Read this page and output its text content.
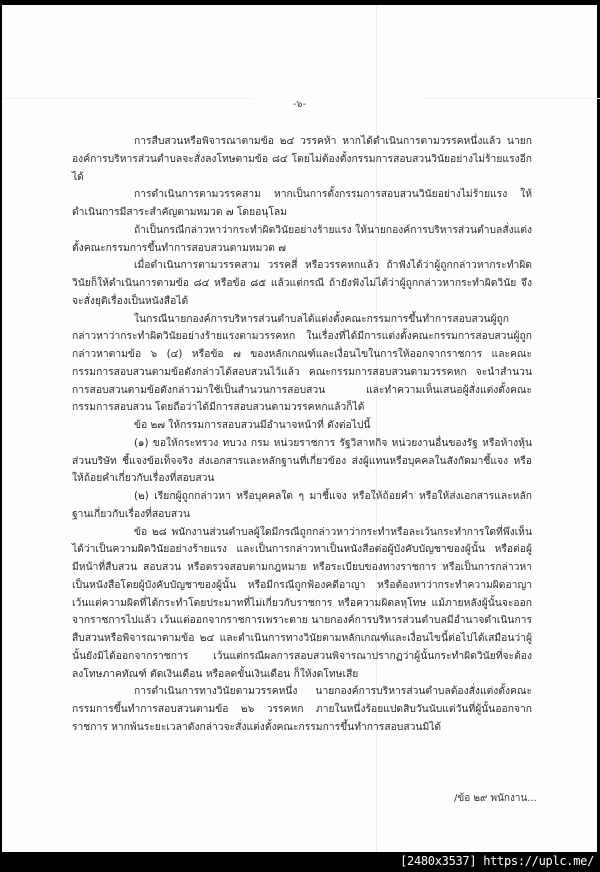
-๖-

การสืบสวนหรือพิจารณาตามข้อ ๒๔ วรรคห้า หากได้ดำเนินการตามวรรคหนึ่งแล้ว นายกองค์การบริหารส่วนตำบลจะสั่งลงโทษตามข้อ ๘๔ โดยไม่ต้องตั้งกรรมการสอบสวนวินัยอย่างไม่ร้ายแรงอีกได้

การดำเนินการตามวรรคสาม หากเป็นการตั้งกรรมการสอบสวนวินัยอย่างไม่ร้ายแรง ให้ดำเนินการมีสาระสำคัญตามหมวด ๗ โดยอนุโลม

ถ้าเป็นกรณีกล่าวหาว่ากระทำผิดวินัยอย่างร้ายแรง ให้นายกองค์การบริหารส่วนตำบลสั่งแต่งตั้งคณะกรรมการขึ้นทำการสอบสวนตามหมวด ๗

เมื่อดำเนินการตามวรรคสาม วรรคสี่ หรือวรรคหกแล้ว ถ้าฟังได้ว่าผู้ถูกกล่าวหากระทำผิดวินัยก็ให้ดำเนินการตามข้อ ๘๔ หรือข้อ ๘๕ แล้วแต่กรณี ถ้ายังฟังไม่ได้ว่าผู้ถูกกล่าวหากระทำผิดวินัย จึงจะสั่งยุติเรื่องเป็นหนังสือได้

ในกรณีนายกองค์การบริหารส่วนตำบลได้แต่งตั้งคณะกรรมการขึ้นทำการสอบสวนผู้ถูกกล่าวหาว่ากระทำผิดวินัยอย่างร้ายแรงตามวรรคหก ในเรื่องที่ได้มีการแต่งตั้งคณะกรรมการสอบสวนผู้ถูกกล่าวหาตามข้อ ๖ (๔) หรือข้อ ๗ ของหลักเกณฑ์และเงื่อนไขในการให้ออกจากราชการ และคณะกรรมการสอบสวนตามข้อดังกล่าวได้สอบสวนไว้แล้ว คณะกรรมการสอบสวนตามวรรคหก จะนำสำนวนการสอบสวนตามข้อดังกล่าวมาใช้เป็นสำนวนการสอบสวน และทำความเห็นเสนอผู้สั่งแต่งตั้งคณะกรรมการสอบสวน โดยถือว่าได้มีการสอบสวนตามวรรคหกแล้วก็ได้

ข้อ ๒๗ ให้กรรมการสอบสวนมีอำนาจหน้าที่ ดังต่อไปนี้

(๑) ขอให้กระทรวง ทบวง กรม หน่วยราชการ รัฐวิสาหกิจ หน่วยงานอื่นของรัฐ หรือห้างหุ้นส่วนบริษัท ชี้แจงข้อเท็จจริง ส่งเอกสารและหลักฐานที่เกี่ยวข้อง ส่งผู้แทนหรือบุคคลในสังกัดมาชี้แจง หรือให้ถ้อยคำเกี่ยวกับเรื่องที่สอบสวน

(๒) เรียกผู้ถูกกล่าวหา หรือบุคคลใด ๆ มาชี้แจง หรือให้ถ้อยคำ หรือให้ส่งเอกสารและหลักฐานเกี่ยวกับเรื่องที่สอบสวน

ข้อ ๒๘ พนักงานส่วนตำบลผู้ใดมีกรณีถูกกล่าวหาว่ากระทำหรือละเว้นกระทำการใดที่พึงเห็นได้ว่าเป็นความผิดวินัยอย่างร้ายแรง และเป็นการกล่าวหาเป็นหนังสือต่อผู้บังคับบัญชาของผู้นั้น หรือต่อผู้มีหน้าที่สืบสวน สอบสวน หรือตรวจสอบตามกฎหมาย หรือระเบียบของทางราชการ หรือเป็นการกล่าวหาเป็นหนังสือโดยผู้บังคับบัญชาของผู้นั้น หรือมีกรณีถูกฟ้องคดีอาญา หรือต้องหาว่ากระทำความผิดอาญา เว้นแต่ความผิดที่ได้กระทำโดยประมาทที่ไม่เกี่ยวกับราชการ หรือความผิดลหุโทษ แม้ภายหลังผู้นั้นจะออกจากราชการไปแล้ว เว้นแต่ออกจากราชการเพราะตาย นายกองค์การบริหารส่วนตำบลมีอำนาจดำเนินการสืบสวนหรือพิจารณาตามข้อ ๒๔ และดำเนินการทางวินัยตามหลักเกณฑ์และเงื่อนไขนี้ต่อไปได้เสมือนว่าผู้นั้นยังมิได้ออกจากราชการ เว้นแต่กรณีผลการสอบสวนพิจารณาปรากฏว่าผู้นั้นกระทำผิดวินัยที่จะต้องลงโทษภาคทัณฑ์ ตัดเงินเดือน หรือลดขั้นเงินเดือน ก็ให้งดโทษเสีย

การดำเนินการทางวินัยตามวรรคหนึ่ง นายกองค์การบริหารส่วนตำบลต้องสั่งแต่งตั้งคณะกรรมการขึ้นทำการสอบสวนตามข้อ ๒๖ วรรคหก ภายในหนึ่งร้อยแปดสิบวันนับแต่วันที่ผู้นั้นออกจากราชการ หากพ้นระยะเวลาดังกล่าวจะสั่งแต่งตั้งคณะกรรมการขึ้นทำการสอบสวนมิได้

/ข้อ ๒๙ พนักงาน...
[2480x3537] https://uplc.me/
